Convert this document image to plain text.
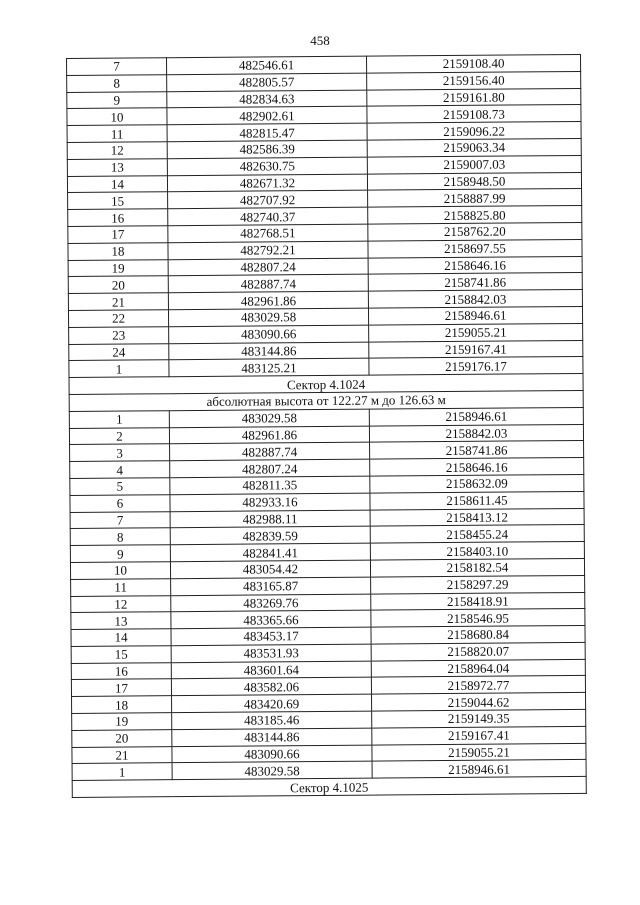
458
7	482546.61	2159108.40
8	482805.57	2159156.40
9	482834.63	2159161.80
10	482902.61	2159108.73
11	482815.47	2159096.22
12	482586.39	2159063.34
13	482630.75	2159007.03
14	482671.32	2158948.50
15	482707.92	2158887.99
16	482740.37	2158825.80
17	482768.51	2158762.20
18	482792.21	2158697.55
19	482807.24	2158646.16
20	482887.74	2158741.86
21	482961.86	2158842.03
22	483029.58	2158946.61
23	483090.66	2159055.21
24	483144.86	2159167.41
1	483125.21	2159176.17
Сектор 4.1024		
абсолютная высота от 122.27 м до 126.63 м		
1	483029.58	2158946.61
2	482961.86	2158842.03
3	482887.74	2158741.86
4	482807.24	2158646.16
5	482811.35	2158632.09
6	482933.16	2158611.45
7	482988.11	2158413.12
8	482839.59	2158455.24
9	482841.41	2158403.10
10	483054.42	2158182.54
11	483165.87	2158297.29
12	483269.76	2158418.91
13	483365.66	2158546.95
14	483453.17	2158680.84
15	483531.93	2158820.07
16	483601.64	2158964.04
17	483582.06	2158972.77
18	483420.69	2159044.62
19	483185.46	2159149.35
20	483144.86	2159167.41
21	483090.66	2159055.21
1	483029.58	2158946.61
Сектор 4.1025		
